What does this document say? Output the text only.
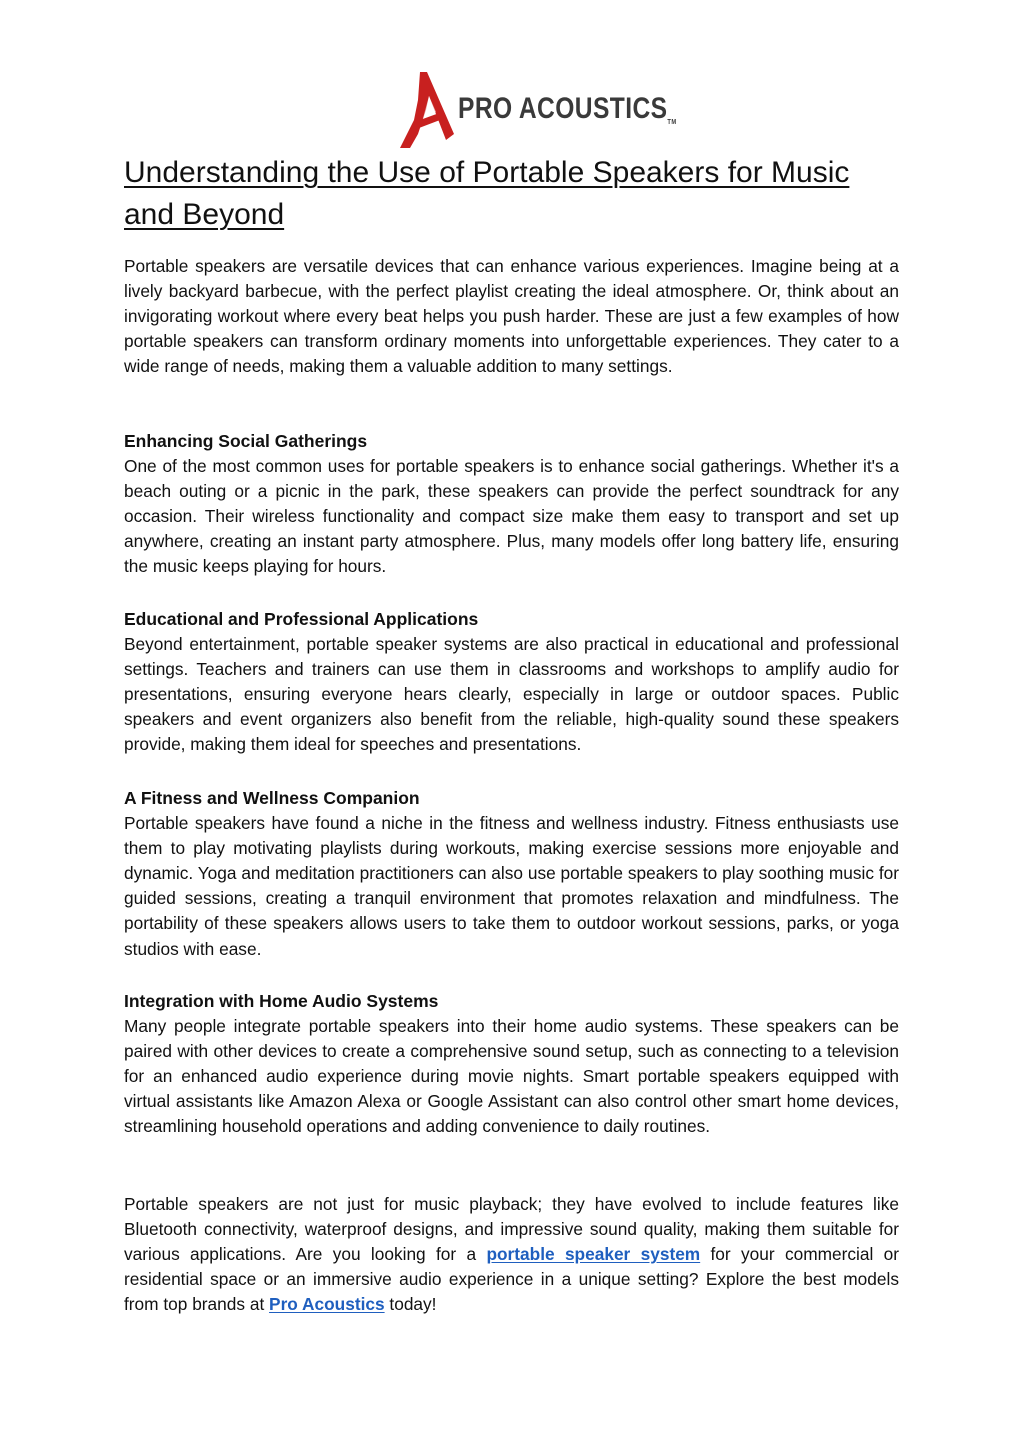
PRO ACOUSTICSTM
Understanding the Use of Portable Speakers for Music and Beyond

Portable speakers are versatile devices that can enhance various experiences. Imagine being at a lively backyard barbecue, with the perfect playlist creating the ideal atmosphere. Or, think about an invigorating workout where every beat helps you push harder. These are just a few examples of how portable speakers can transform ordinary moments into unforgettable experiences. They cater to a wide range of needs, making them a valuable addition to many settings.

Enhancing Social Gatherings

One of the most common uses for portable speakers is to enhance social gatherings. Whether it's a beach outing or a picnic in the park, these speakers can provide the perfect soundtrack for any occasion. Their wireless functionality and compact size make them easy to transport and set up anywhere, creating an instant party atmosphere. Plus, many models offer long battery life, ensuring the music keeps playing for hours.

Educational and Professional Applications

Beyond entertainment, portable speaker systems are also practical in educational and professional settings. Teachers and trainers can use them in classrooms and workshops to amplify audio for presentations, ensuring everyone hears clearly, especially in large or outdoor spaces. Public speakers and event organizers also benefit from the reliable, high-quality sound these speakers provide, making them ideal for speeches and presentations.

A Fitness and Wellness Companion

Portable speakers have found a niche in the fitness and wellness industry. Fitness enthusiasts use them to play motivating playlists during workouts, making exercise sessions more enjoyable and dynamic. Yoga and meditation practitioners can also use portable speakers to play soothing music for guided sessions, creating a tranquil environment that promotes relaxation and mindfulness. The portability of these speakers allows users to take them to outdoor workout sessions, parks, or yoga studios with ease.

Integration with Home Audio Systems

Many people integrate portable speakers into their home audio systems. These speakers can be paired with other devices to create a comprehensive sound setup, such as connecting to a television for an enhanced audio experience during movie nights. Smart portable speakers equipped with virtual assistants like Amazon Alexa or Google Assistant can also control other smart home devices, streamlining household operations and adding convenience to daily routines.

Portable speakers are not just for music playback; they have evolved to include features like Bluetooth connectivity, waterproof designs, and impressive sound quality, making them suitable for various applications. Are you looking for a portable speaker system for your commercial or residential space or an immersive audio experience in a unique setting? Explore the best models from top brands at Pro Acoustics today!
